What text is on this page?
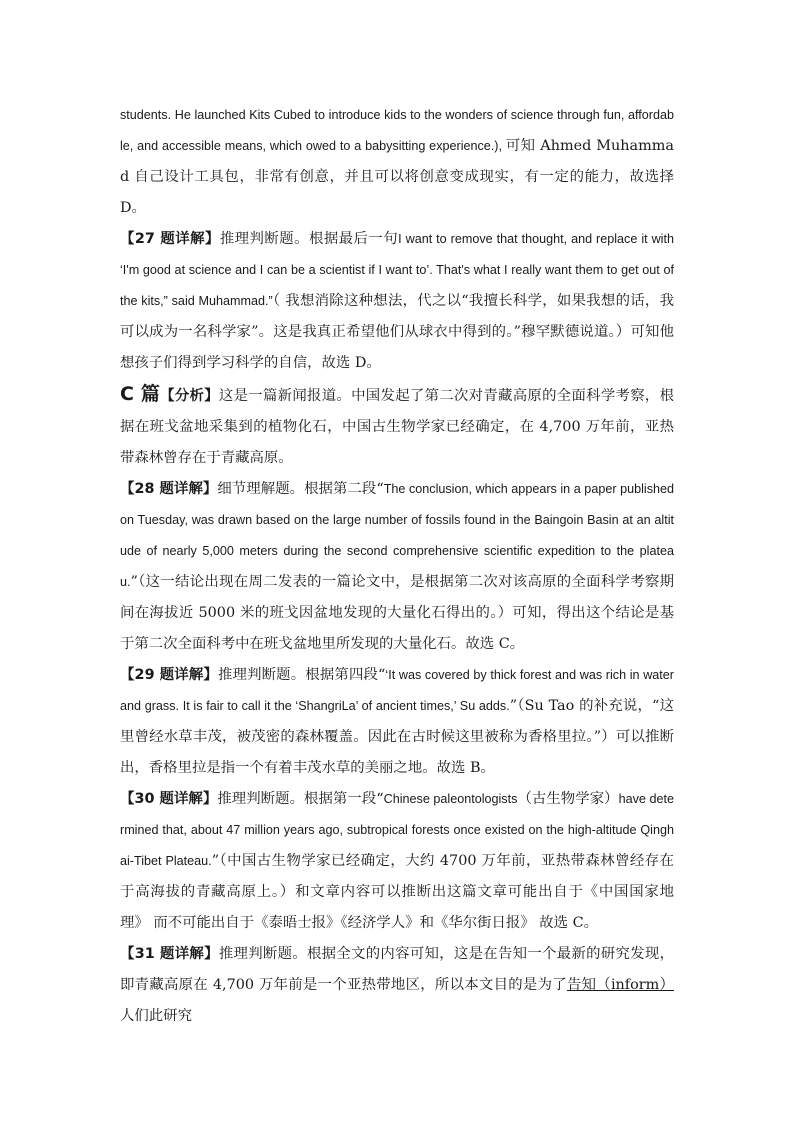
students. He launched Kits Cubed to introduce kids to the wonders of science through fun, affordable, and accessible means, which owed to a babysitting experience.), 可知 Ahmed Muhammad 自己设计工具包，非常有创意，并且可以将创意变成现实，有一定的能力，故选择 D。

【27 题详解】推理判断题。根据最后一句I want to remove that thought, and replace it with ‘I'm good at science and I can be a scientist if I want to’. That's what I really want them to get out of the kits,” said Muhammad.”（ 我想消除这种想法，代之以“我擅长科学，如果我想的话，我可以成为一名科学家”。这是我真正希望他们从球衣中得到的。”穆罕默德说道。）可知他想孩子们得到学习科学的自信，故选 D。

C 篇【分析】这是一篇新闻报道。中国发起了第二次对青藏高原的全面科学考察，根据在班戈盆地采集到的植物化石，中国古生物学家已经确定，在 4,700 万年前，亚热带森林曾存在于青藏高原。

【28 题详解】细节理解题。根据第二段“The conclusion, which appears in a paper published on Tuesday, was drawn based on the large number of fossils found in the Baingoin Basin at an altitude of nearly 5,000 meters during the second comprehensive scientific expedition to the plateau.”（这一结论出现在周二发表的一篇论文中，是根据第二次对该高原的全面科学考察期间在海拔近 5000 米的班戈因盆地发现的大量化石得出的。）可知，得出这个结论是基于第二次全面科考中在班戈盆地里所发现的大量化石。故选 C。

【29 题详解】推理判断题。根据第四段“‘It was covered by thick forest and was rich in water and grass. It is fair to call it the ‘ShangriLa’ of ancient times,’ Su adds.”（Su Tao 的补充说，“这里曾经水草丰茂，被茂密的森林覆盖。因此在古时候这里被称为香格里拉。”）可以推断出，香格里拉是指一个有着丰茂水草的美丽之地。故选 B。

【30 题详解】推理判断题。根据第一段“Chinese paleontologists（古生物学家）have determined that, about 47 million years ago, subtropical forests once existed on the high-altitude Qinghai-Tibet Plateau.”（中国古生物学家已经确定，大约 4700 万年前，亚热带森林曾经存在于高海拔的青藏高原上。）和文章内容可以推断出这篇文章可能出自于《中国国家地理》 而不可能出自于《泰晤士报》《经济学人》和《华尔街日报》 故选 C。

【31 题详解】推理判断题。根据全文的内容可知，这是在告知一个最新的研究发现，即青藏高原在 4,700 万年前是一个亚热带地区，所以本文目的是为了告知（inform）人们此研究
